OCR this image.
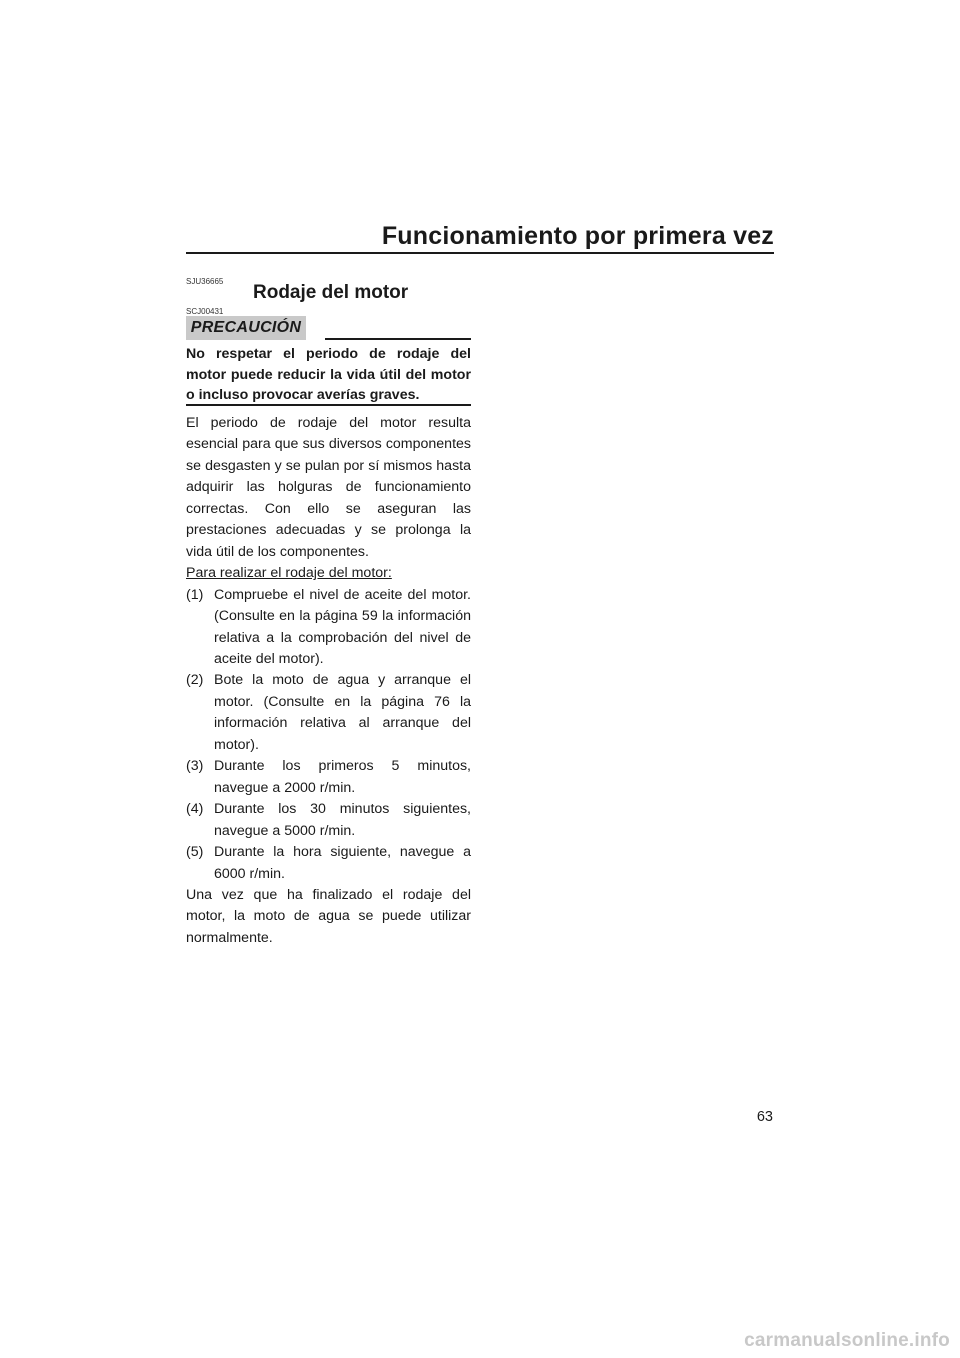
Funcionamiento por primera vez
SJU36665
Rodaje del motor
SCJ00431
PRECAUCIÓN
No respetar el periodo de rodaje del motor puede reducir la vida útil del motor o incluso provocar averías graves.

El periodo de rodaje del motor resulta esencial para que sus diversos componentes se desgasten y se pulan por sí mismos hasta adquirir las holguras de funcionamiento correctas. Con ello se aseguran las prestaciones adecuadas y se prolonga la vida útil de los componentes.

Para realizar el rodaje del motor:

(1) Compruebe el nivel de aceite del motor. (Consulte en la página 59 la información relativa a la comprobación del nivel de aceite del motor).
(2) Bote la moto de agua y arranque el motor. (Consulte en la página 76 la información relativa al arranque del motor).
(3) Durante los primeros 5 minutos, navegue a 2000 r/min.
(4) Durante los 30 minutos siguientes, navegue a 5000 r/min.
(5) Durante la hora siguiente, navegue a 6000 r/min.

Una vez que ha finalizado el rodaje del motor, la moto de agua se puede utilizar normalmente.

63
carmanualsonline.info
